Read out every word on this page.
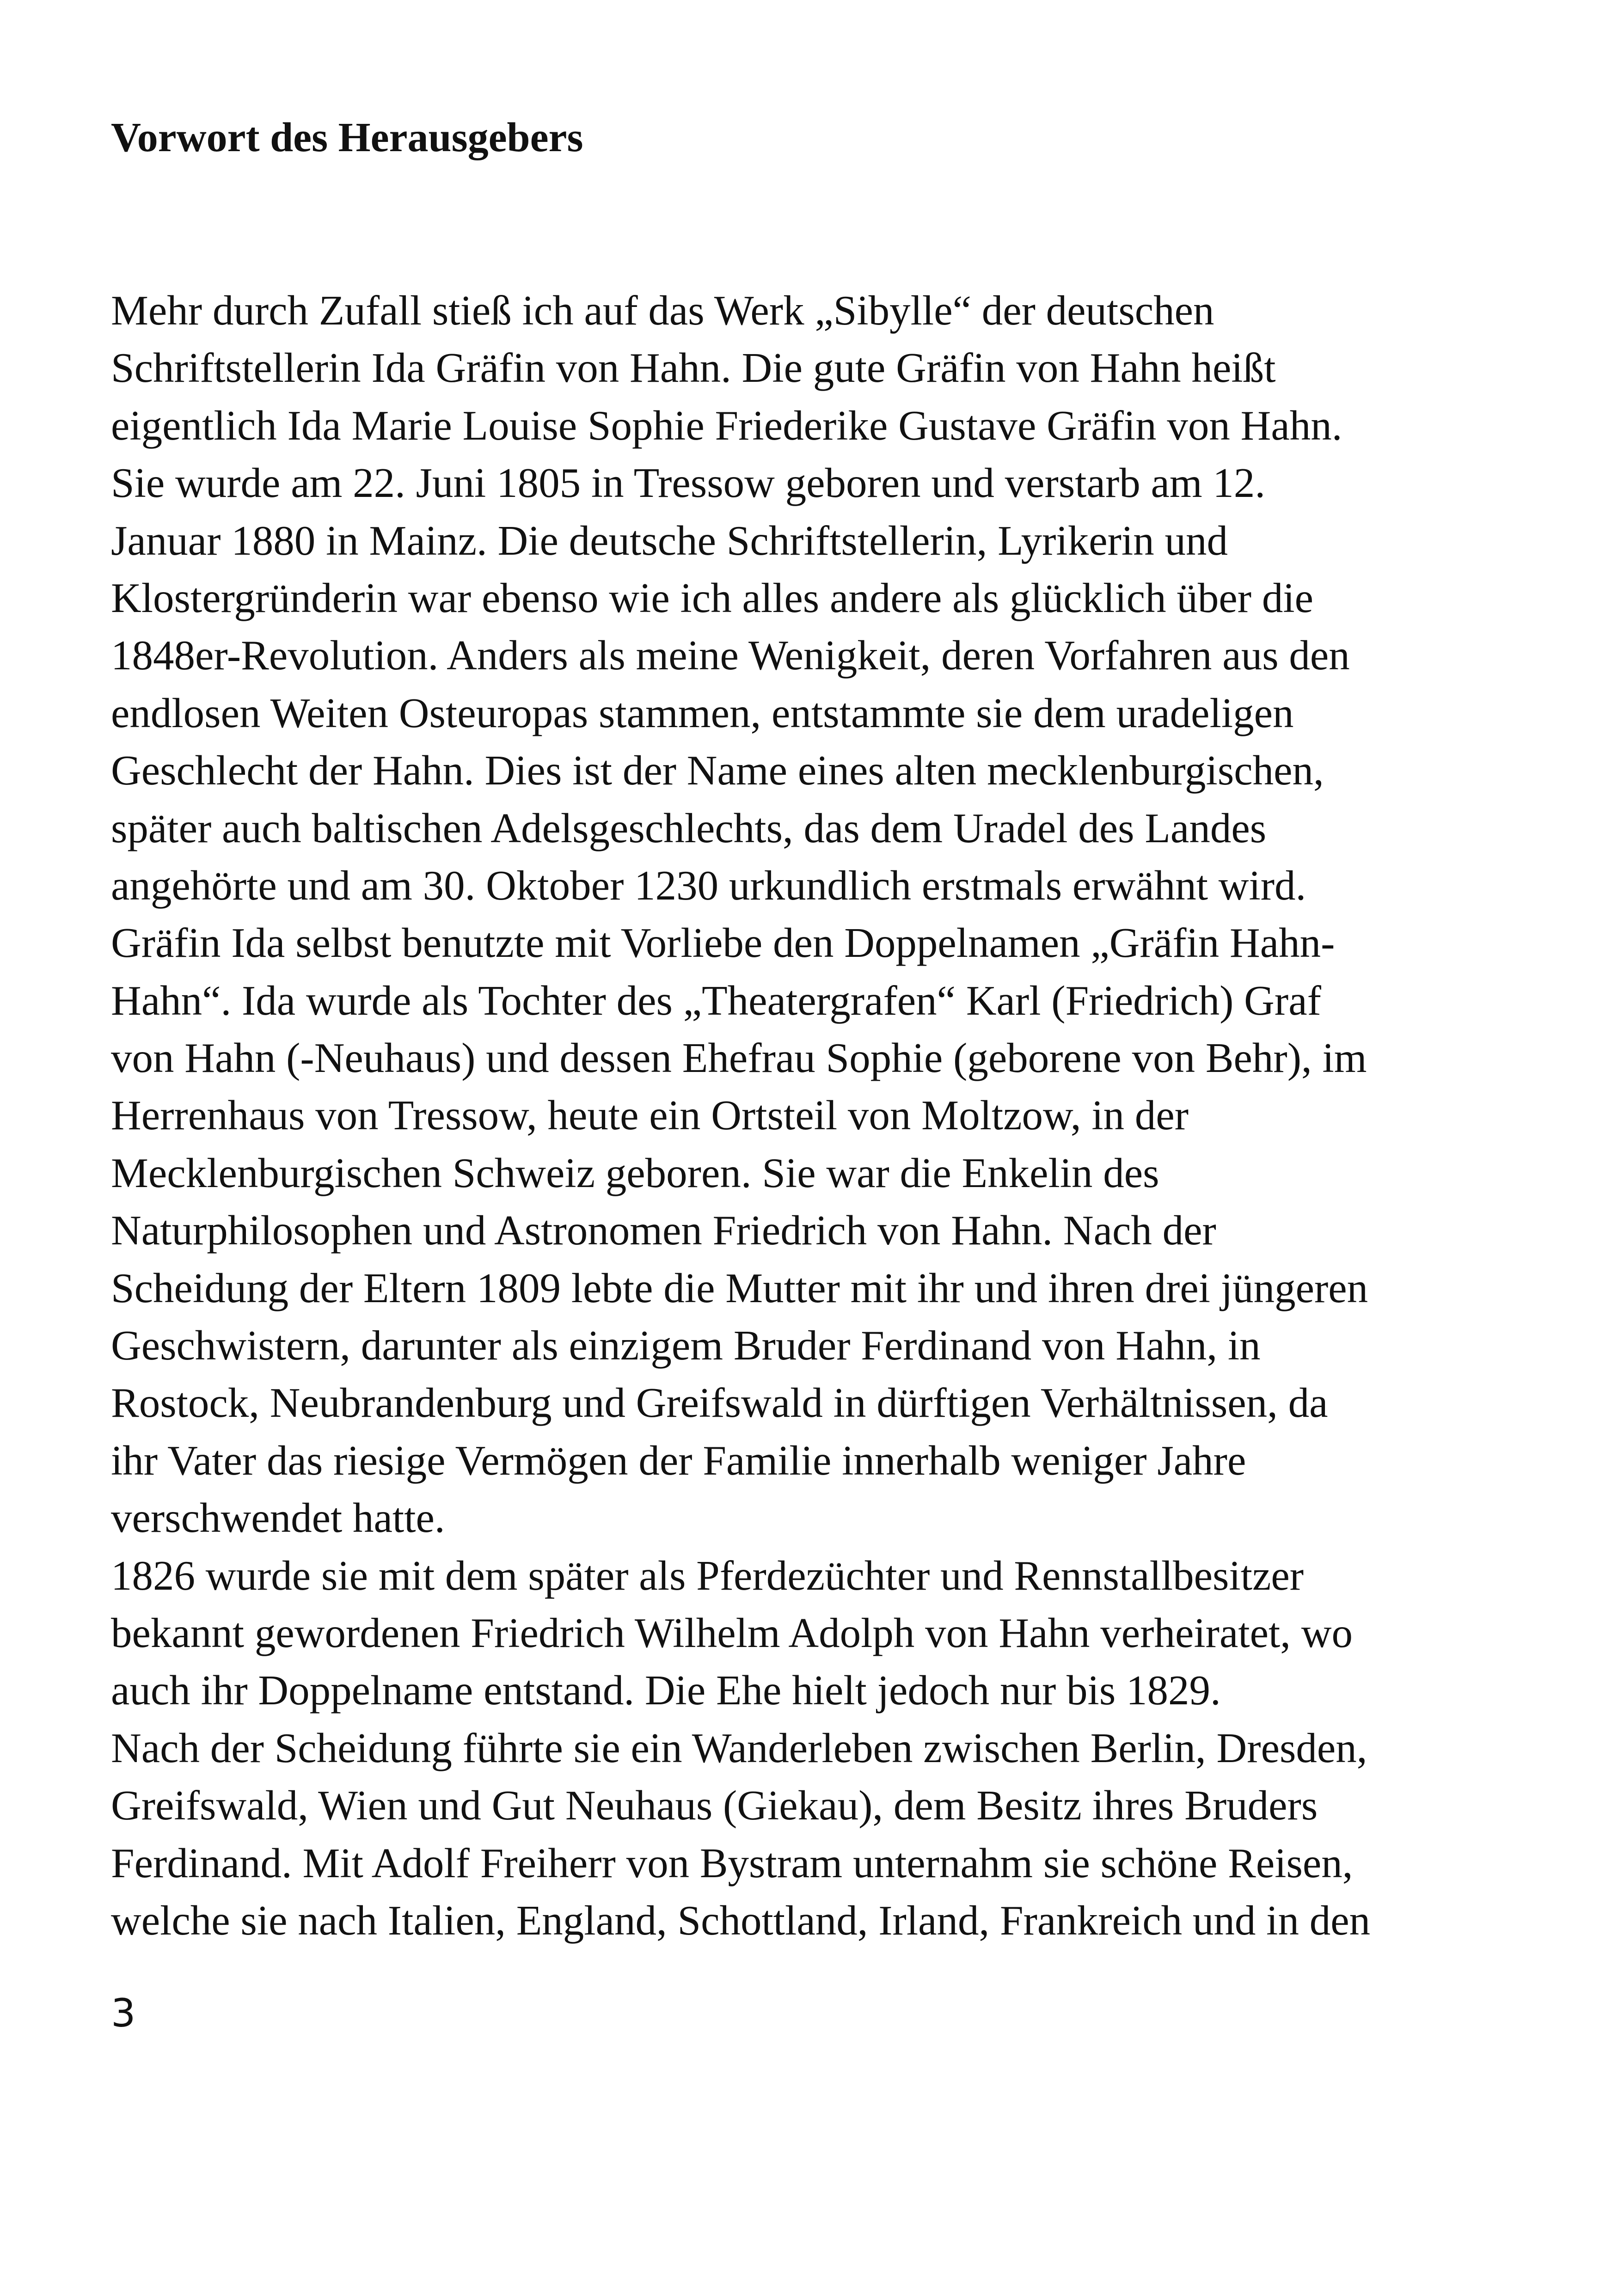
Vorwort des Herausgebers
Mehr durch Zufall stieß ich auf das Werk „Sibylle“ der deutschen
Schriftstellerin Ida Gräfin von Hahn. Die gute Gräfin von Hahn heißt
eigentlich Ida Marie Louise Sophie Friederike Gustave Gräfin von Hahn.
Sie wurde am 22. Juni 1805 in Tressow geboren und verstarb am 12.
Januar 1880 in Mainz. Die deutsche Schriftstellerin, Lyrikerin und
Klostergründerin war ebenso wie ich alles andere als glücklich über die
1848er-Revolution. Anders als meine Wenigkeit, deren Vorfahren aus den
endlosen Weiten Osteuropas stammen, entstammte sie dem uradeligen
Geschlecht der Hahn. Dies ist der Name eines alten mecklenburgischen,
später auch baltischen Adelsgeschlechts, das dem Uradel des Landes
angehörte und am 30. Oktober 1230 urkundlich erstmals erwähnt wird.
Gräfin Ida selbst benutzte mit Vorliebe den Doppelnamen „Gräfin Hahn-
Hahn“. Ida wurde als Tochter des „Theatergrafen“ Karl (Friedrich) Graf
von Hahn (-Neuhaus) und dessen Ehefrau Sophie (geborene von Behr), im
Herrenhaus von Tressow, heute ein Ortsteil von Moltzow, in der
Mecklenburgischen Schweiz geboren. Sie war die Enkelin des
Naturphilosophen und Astronomen Friedrich von Hahn. Nach der
Scheidung der Eltern 1809 lebte die Mutter mit ihr und ihren drei jüngeren
Geschwistern, darunter als einzigem Bruder Ferdinand von Hahn, in
Rostock, Neubrandenburg und Greifswald in dürftigen Verhältnissen, da
ihr Vater das riesige Vermögen der Familie innerhalb weniger Jahre
verschwendet hatte.
1826 wurde sie mit dem später als Pferdezüchter und Rennstallbesitzer
bekannt gewordenen Friedrich Wilhelm Adolph von Hahn verheiratet, wo
auch ihr Doppelname entstand. Die Ehe hielt jedoch nur bis 1829.
Nach der Scheidung führte sie ein Wanderleben zwischen Berlin, Dresden,
Greifswald, Wien und Gut Neuhaus (Giekau), dem Besitz ihres Bruders
Ferdinand. Mit Adolf Freiherr von Bystram unternahm sie schöne Reisen,
welche sie nach Italien, England, Schottland, Irland, Frankreich und in den
3
